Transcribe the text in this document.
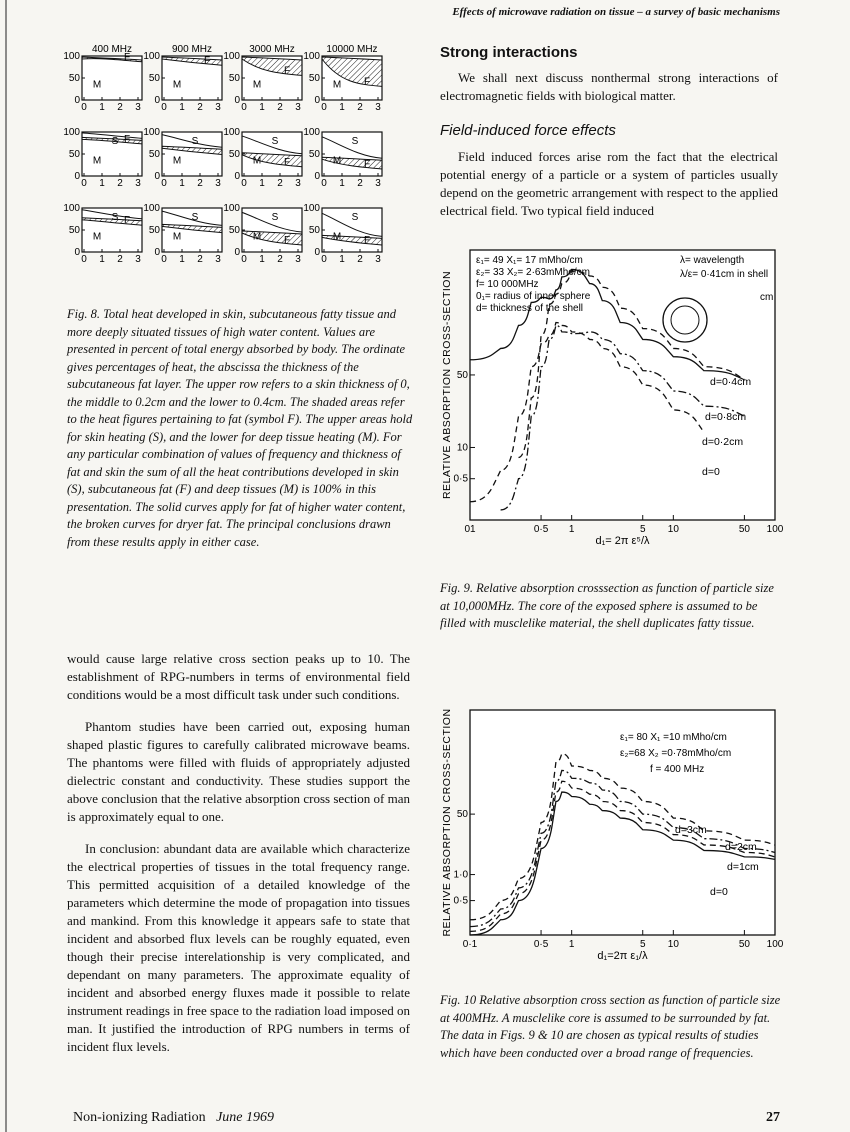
Effects of microwave radiation on tissue – a survey of basic mechanisms
400 MHz	900 MHz	3000 MHz	10000 MHz
F
M
0
50
100
0 1 2 3
F
M
0
50
100
0 1 2 3
F
M
0
50
100
0 1 2 3
F
M
0
50
100
0 1 2 3
S F
M
0
50
100
0 1 2 3
S
M
0
50
100
0 1 2 3
S
F
M
0
50
100
0 1 2 3
S
M F
0
50
100
0 1 2 3
S
M
F
0
50
100
0 1 2 3
S
M
0
50
100
0 1 2 3
S
F
M
0
50
100
0 1 2 3
S
M F
0
50
100
0 1 2 3
Fig. 8. Total heat developed in skin, subcutaneous fatty tissue and more deeply situated tissues of high water content. Values are presented in percent of total energy absorbed by body. The ordinate gives percentages of heat, the abscissa the thickness of the subcutaneous fat layer. The upper row refers to a skin thickness of 0, the middle to 0.2cm and the lower to 0.4cm. The shaded areas refer to the heat figures pertaining to fat (symbol F). The upper areas hold for skin heating (S), and the lower for deep tissue heating (M). For any particular combination of values of frequency and thickness of fat and skin the sum of all the heat contributions developed in skin (S), subcutaneous fat (F) and deep tissues (M) is 100% in this presentation. The solid curves apply for fat of higher water content, the broken curves for dryer fat. The principal conclusions drawn from these results apply in either case.

would cause large relative cross section peaks up to 10. The establishment of RPG-numbers in terms of environmental field conditions would be a most difficult task under such conditions.

Phantom studies have been carried out, exposing human shaped plastic figures to carefully calibrated microwave beams. The phantoms were filled with fluids of appropriately adjusted dielectric constant and conductivity. These studies support the above conclusion that the relative absorption cross section of man is approximately equal to one.

In conclusion: abundant data are available which characterize the electrical properties of tissues in the total frequency range. This permitted acquisition of a detailed knowledge of the parameters which determine the mode of propagation into tissues and mankind. From this knowledge it appears safe to state that incident and absorbed flux levels can be roughly equated, even though their precise interelationship is very complicated, and dependant on many parameters. The approximate equality of incident and absorbed energy fluxes made it possible to relate instrument readings in free space to the radiation load imposed on man. It justified the introduction of RPG numbers in terms of incident flux levels.

Strong interactions

We shall next discuss nonthermal strong interactions of electromagnetic fields with biological matter.

Field-induced force effects

Field induced forces arise rom the fact that the electrical potential energy of a particle or a system of particles usually depend on the geometric arrangement with respect to the applied electrical field. Two typical field induced

RELATIVE ABSORPTION CROSS-SECTION
01	0·5 1	5 10	50 100
0·5
10
50
d₁= 2π ε⁵/λ
d=0·4cm
d=0·8cm
d=0·2cm
d=0
ε₁= 49 X₁= 17 mMho/cm
ε₂= 33 X₂= 2·63mMho/cm
f= 10 000MHz
0₁= radius of inner sphere
d= thickness of the shell
λ= wavelength
λ/ε= 0·41cm in shell
cm
Fig. 9. Relative absorption crosssection as function of particle size at 10,000MHz. The core of the exposed sphere is assumed to be filled with musclelike material, the shell duplicates fatty tissue.
RELATIVE ABSORPTION CROSS-SECTION
0·1	0·5 1	5 10	50 100
0·5
1·0
50
d₁=2π ε₁/λ
d=3cm
d=2cm
d=1cm
d=0
ε₁= 80 X₁ =10 mMho/cm
ε₂=68 X₂ =0·78mMho/cm
f = 400 MHz
Fig. 10 Relative absorption cross section as function of particle size at 400MHz. A musclelike core is assumed to be surrounded by fat. The data in Figs. 9 & 10 are chosen as typical results of studies which have been conducted over a broad range of frequencies.
Non-ionizing Radiation June 1969	27
